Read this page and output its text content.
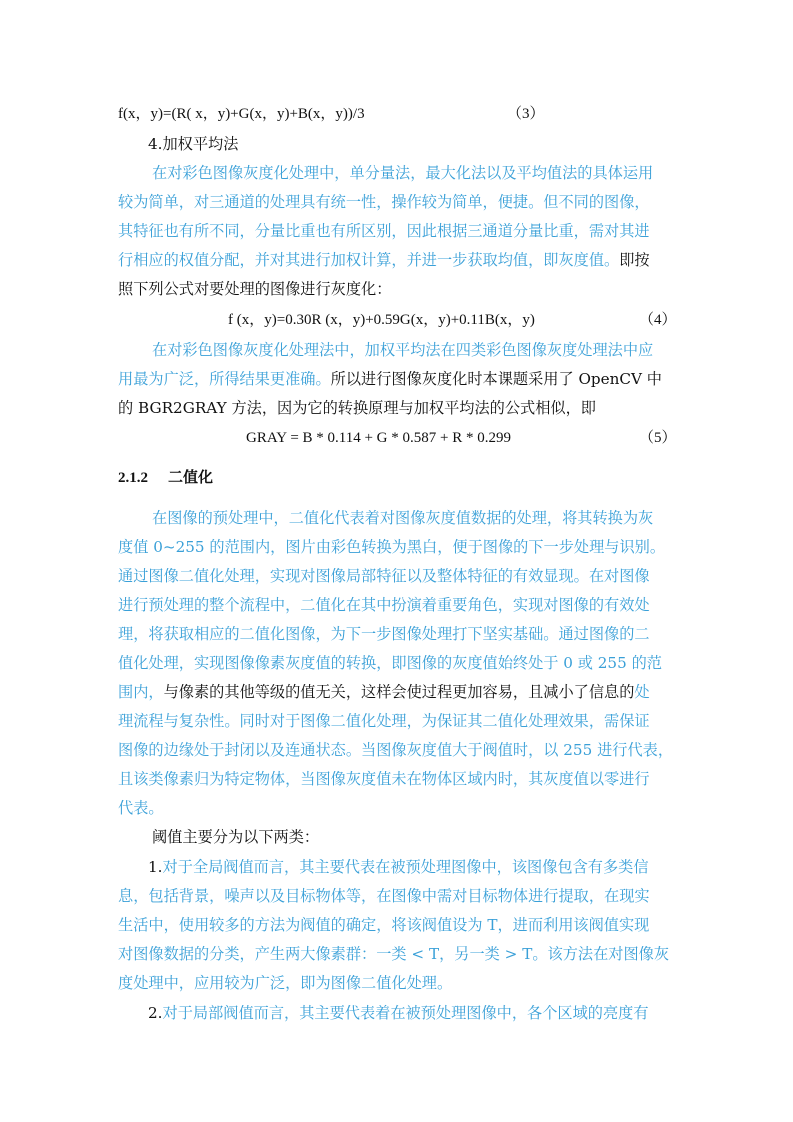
f(x，y)=(R( x，y)+G(x，y)+B(x，y))/3	（3）
4.加权平均法
在对彩色图像灰度化处理中，单分量法，最大化法以及平均值法的具体运用
较为简单，对三通道的处理具有统一性，操作较为简单，便捷。但不同的图像，
其特征也有所不同，分量比重也有所区别，因此根据三通道分量比重，需对其进
行相应的权值分配，并对其进行加权计算，并进一步获取均值，即灰度值。即按
照下列公式对要处理的图像进行灰度化：
f (x，y)=0.30R (x，y)+0.59G(x，y)+0.11B(x，y)	（4）
在对彩色图像灰度化处理法中，加权平均法在四类彩色图像灰度处理法中应
用最为广泛，所得结果更准确。所以进行图像灰度化时本课题采用了 OpenCV 中
的 BGR2GRAY 方法，因为它的转换原理与加权平均法的公式相似，即
GRAY = B * 0.114 + G * 0.587 + R * 0.299	（5）
2.1.2 二值化
在图像的预处理中，二值化代表着对图像灰度值数据的处理，将其转换为灰
度值 0~255 的范围内，图片由彩色转换为黑白，便于图像的下一步处理与识别。
通过图像二值化处理，实现对图像局部特征以及整体特征的有效显现。在对图像
进行预处理的整个流程中，二值化在其中扮演着重要角色，实现对图像的有效处
理，将获取相应的二值化图像，为下一步图像处理打下坚实基础。通过图像的二
值化处理，实现图像像素灰度值的转换，即图像的灰度值始终处于 0 或 255 的范
围内，与像素的其他等级的值无关，这样会使过程更加容易，且减小了信息的处
理流程与复杂性。同时对于图像二值化处理，为保证其二值化处理效果，需保证
图像的边缘处于封闭以及连通状态。当图像灰度值大于阀值时，以 255 进行代表，
且该类像素归为特定物体，当图像灰度值未在物体区域内时，其灰度值以零进行
代表。
阈值主要分为以下两类：
1.对于全局阀值而言，其主要代表在被预处理图像中，该图像包含有多类信
息，包括背景，噪声以及目标物体等，在图像中需对目标物体进行提取，在现实
生活中，使用较多的方法为阀值的确定，将该阀值设为 T，进而利用该阀值实现
对图像数据的分类，产生两大像素群：一类 < T，另一类 > T。该方法在对图像灰
度处理中，应用较为广泛，即为图像二值化处理。
2.对于局部阀值而言，其主要代表着在被预处理图像中，各个区域的亮度有
